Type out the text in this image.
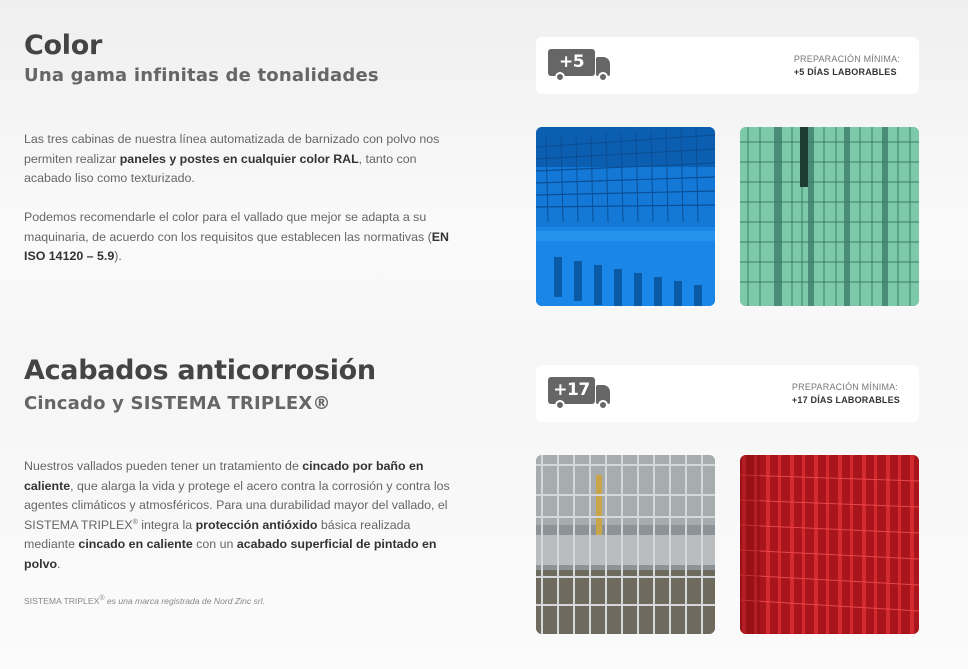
Color
Una gama infinitas de tonalidades

Las tres cabinas de nuestra línea automatizada de barnizado con polvo nos permiten realizar paneles y postes en cualquier color RAL, tanto con acabado liso como texturizado.

Podemos recomendarle el color para el vallado que mejor se adapta a su maquinaria, de acuerdo con los requisitos que establecen las normativas (EN ISO 14120 – 5.9).

+5	PREPARACIÓN MÍNIMA:
+5 DÍAS LABORABLES
Acabados anticorrosión
Cincado y SISTEMA TRIPLEX®

Nuestros vallados pueden tener un tratamiento de cincado por baño en caliente, que alarga la vida y protege el acero contra la corrosión y contra los agentes climáticos y atmosféricos. Para una durabilidad mayor del vallado, el SISTEMA TRIPLEX® integra la protección antióxido básica realizada mediante cincado en caliente con un acabado superficial de pintado en polvo.

SISTEMA TRIPLEX® es una marca registrada de Nord Zinc srl.
+17	PREPARACIÓN MÍNIMA:
+17 DÍAS LABORABLES
